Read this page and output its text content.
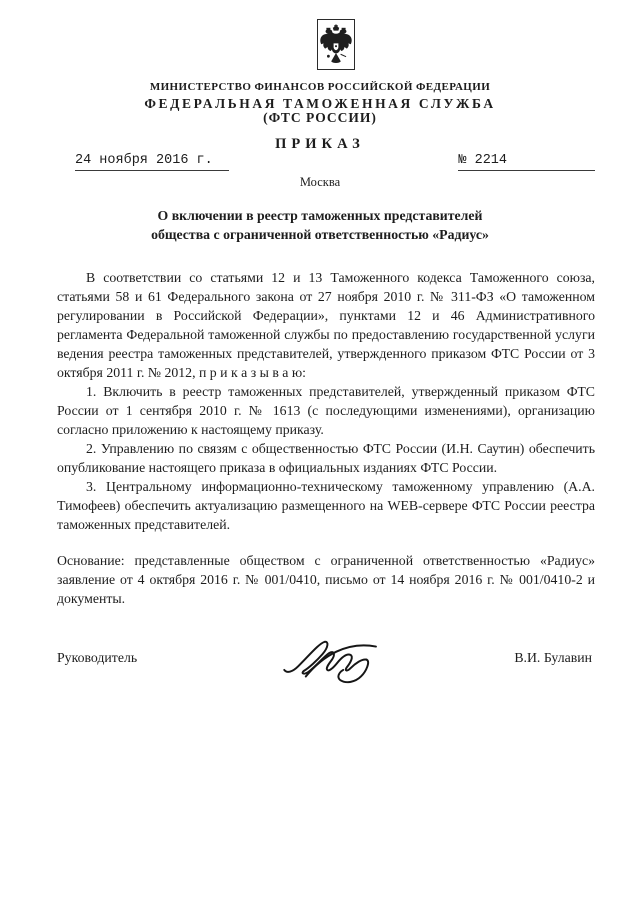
МИНИСТЕРСТВО ФИНАНСОВ РОССИЙСКОЙ ФЕДЕРАЦИИ
ФЕДЕРАЛЬНАЯ ТАМОЖЕННАЯ СЛУЖБА
(ФТС РОССИИ)
ПРИКАЗ
24 ноября 2016 г.	№ 2214
Москва
О включении в реестр таможенных представителей
общества с ограниченной ответственностью «Радиус»

В соответствии со статьями 12 и 13 Таможенного кодекса Таможенного союза, статьями 58 и 61 Федерального закона от 27 ноября 2010 г. № 311-ФЗ «О таможенном регулировании в Российской Федерации», пунктами 12 и 46 Административного регламента Федеральной таможенной службы по предоставлению государственной услуги ведения реестра таможенных представителей, утвержденного приказом ФТС России от 3 октября 2011 г. № 2012, п р и к а з ы в а ю:

1. Включить в реестр таможенных представителей, утвержденный приказом ФТС России от 1 сентября 2010 г. № 1613 (с последующими изменениями), организацию согласно приложению к настоящему приказу.

2. Управлению по связям с общественностью ФТС России (И.Н. Саутин) обеспечить опубликование настоящего приказа в официальных изданиях ФТС России.

3. Центральному информационно-техническому таможенному управлению (А.А. Тимофеев) обеспечить актуализацию размещенного на WEB-сервере ФТС России реестра таможенных представителей.

Основание: представленные обществом с ограниченной ответственностью «Радиус» заявление от 4 октября 2016 г. № 001/0410, письмо от 14 ноября 2016 г. № 001/0410-2 и документы.

Руководитель	В.И. Булавин
